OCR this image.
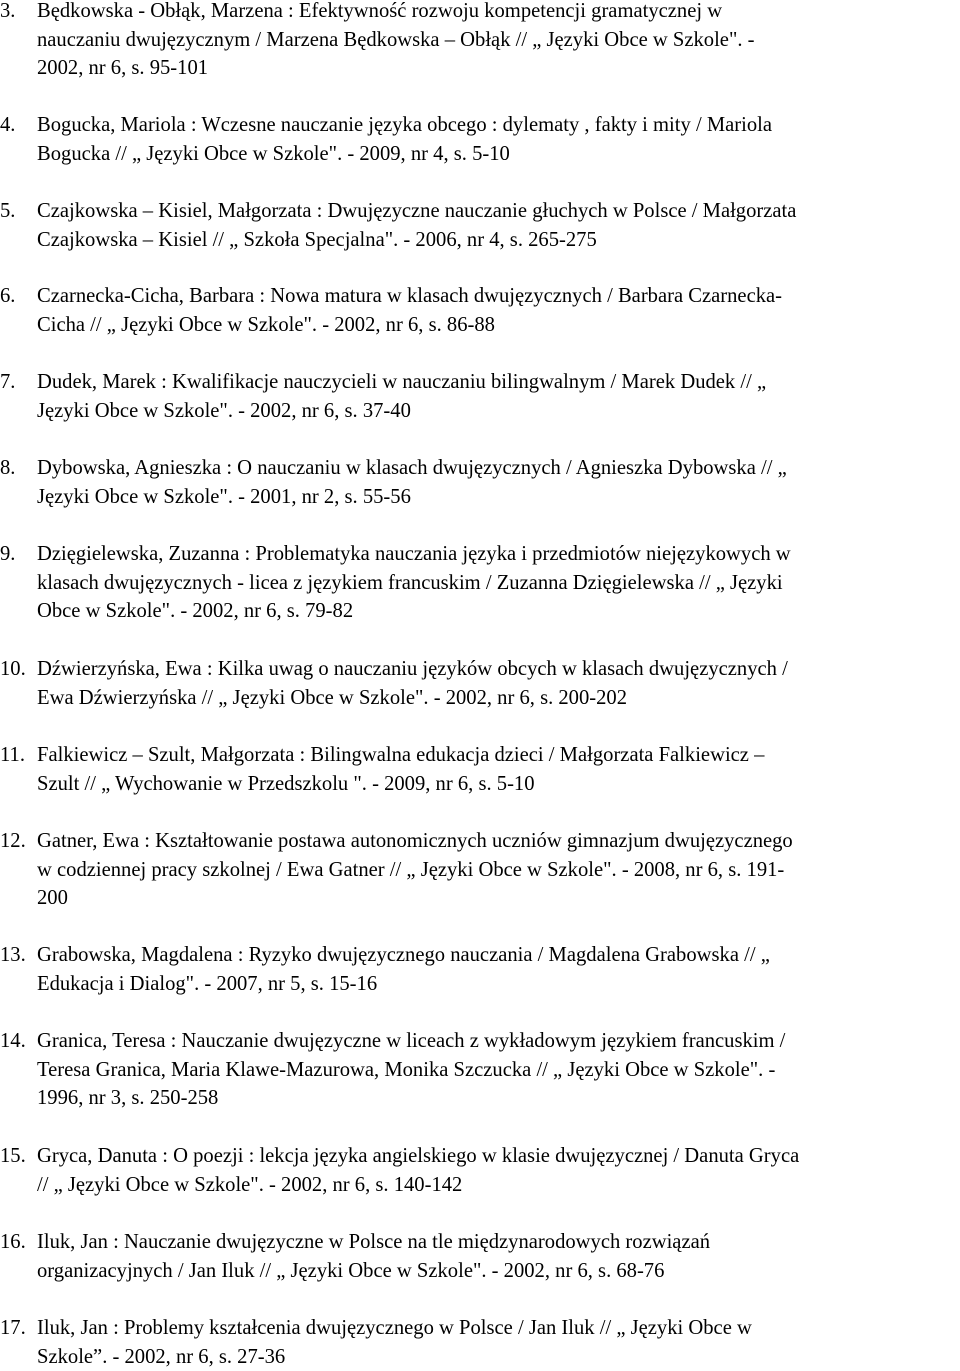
3.	Będkowska - Obłąk, Marzena : Efektywność rozwoju kompetencji gramatycznej w
nauczaniu dwujęzycznym / Marzena Będkowska – Obłąk // „ Języki Obce w Szkole". -
2002, nr 6, s. 95-101
4.	Bogucka, Mariola : Wczesne nauczanie języka obcego : dylematy , fakty i mity / Mariola
Bogucka // „ Języki Obce w Szkole". - 2009, nr 4, s. 5-10
5.	Czajkowska – Kisiel, Małgorzata : Dwujęzyczne nauczanie głuchych w Polsce / Małgorzata
Czajkowska – Kisiel // „ Szkoła Specjalna". - 2006, nr 4, s. 265-275
6.	Czarnecka-Cicha, Barbara : Nowa matura w klasach dwujęzycznych / Barbara Czarnecka-
Cicha // „ Języki Obce w Szkole". - 2002, nr 6, s. 86-88
7.	Dudek, Marek : Kwalifikacje nauczycieli w nauczaniu bilingwalnym / Marek Dudek // „
Języki Obce w Szkole". - 2002, nr 6, s. 37-40
8.	Dybowska, Agnieszka : O nauczaniu w klasach dwujęzycznych / Agnieszka Dybowska // „
Języki Obce w Szkole". - 2001, nr 2, s. 55-56
9.	Dzięgielewska, Zuzanna : Problematyka nauczania języka i przedmiotów niejęzykowych w
klasach dwujęzycznych - licea z językiem francuskim / Zuzanna Dzięgielewska // „ Języki
Obce w Szkole". - 2002, nr 6, s. 79-82
10. Dźwierzyńska, Ewa : Kilka uwag o nauczaniu języków obcych w klasach dwujęzycznych /
Ewa Dźwierzyńska // „ Języki Obce w Szkole". - 2002, nr 6, s. 200-202
11. Falkiewicz – Szult, Małgorzata : Bilingwalna edukacja dzieci / Małgorzata Falkiewicz –
Szult // „ Wychowanie w Przedszkolu ". - 2009, nr 6, s. 5-10
12. Gatner, Ewa : Kształtowanie postawa autonomicznych uczniów gimnazjum dwujęzycznego
w codziennej pracy szkolnej / Ewa Gatner // „ Języki Obce w Szkole". - 2008, nr 6, s. 191-
200
13. Grabowska, Magdalena : Ryzyko dwujęzycznego nauczania / Magdalena Grabowska // „
Edukacja i Dialog". - 2007, nr 5, s. 15-16
14. Granica, Teresa : Nauczanie dwujęzyczne w liceach z wykładowym językiem francuskim /
Teresa Granica, Maria Klawe-Mazurowa, Monika Szczucka // „ Języki Obce w Szkole". -
1996, nr 3, s. 250-258
15. Gryca, Danuta : O poezji : lekcja języka angielskiego w klasie dwujęzycznej / Danuta Gryca
// „ Języki Obce w Szkole". - 2002, nr 6, s. 140-142
16. Iluk, Jan : Nauczanie dwujęzyczne w Polsce na tle międzynarodowych rozwiązań
organizacyjnych / Jan Iluk // „ Języki Obce w Szkole". - 2002, nr 6, s. 68-76
17. Iluk, Jan : Problemy kształcenia dwujęzycznego w Polsce / Jan Iluk // „ Języki Obce w
Szkole”. - 2002, nr 6, s. 27-36
